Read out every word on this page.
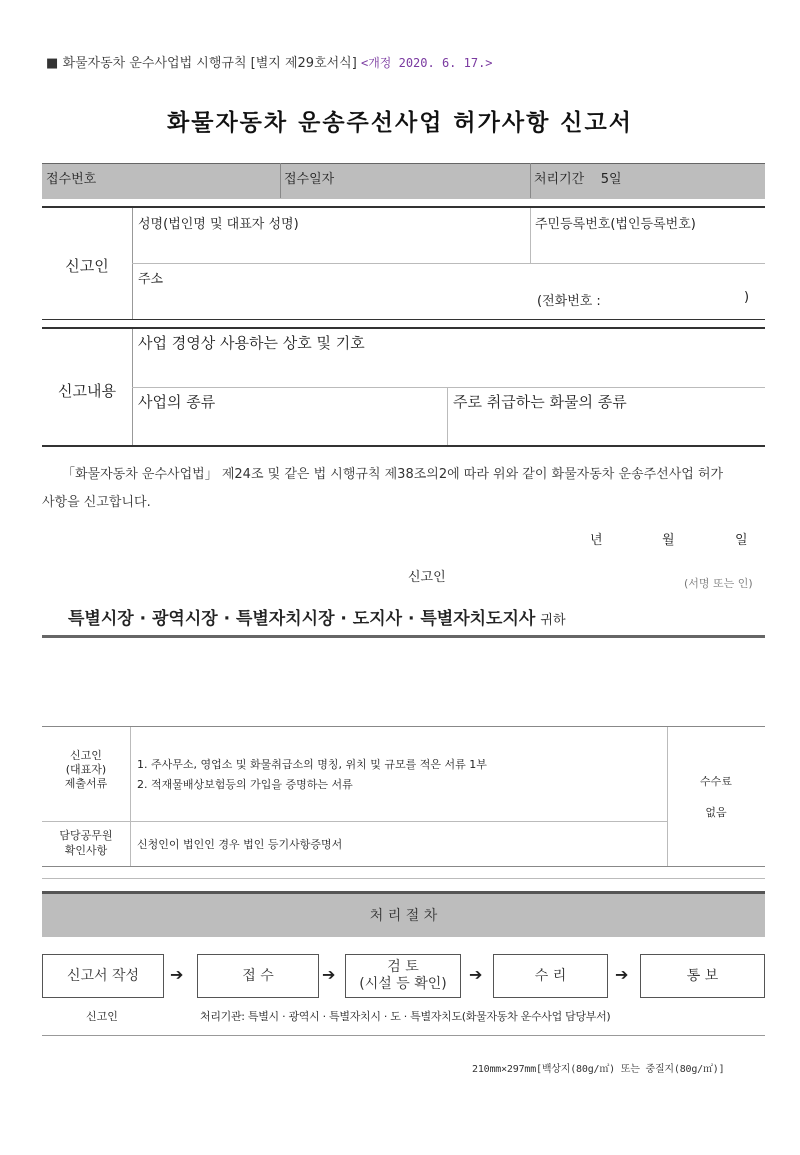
■ 화물자동차 운수사업법 시행규칙 [별지 제29호서식] <개정 2020. 6. 17.>
화물자동차 운송주선사업 허가사항 신고서
접수번호	접수일자	처리기간 5일
신고인
성명(법인명 및 대표자 성명)	주민등록번호(법인등록번호)
주소
(전화번호 :	)
신고내용
사업 경영상 사용하는 상호 및 기호
사업의 종류	주로 취급하는 화물의 종류
「화물자동차 운수사업법」 제24조 및 같은 법 시행규칙 제38조의2에 따라 위와 같이 화물자동차 운송주선사업 허가
사항을 신고합니다.
년	월	일
신고인	(서명 또는 인)
특별시장 · 광역시장 · 특별자치시장 · 도지사 · 특별자치도지사 귀하
신고인
(대표자)
제출서류
1. 주사무소, 영업소 및 화물취급소의 명칭, 위치 및 규모를 적은 서류 1부
2. 적재물배상보험등의 가입을 증명하는 서류
담당공무원
확인사항	신청인이 법인인 경우 법인 등기사항증명서
수수료
없음
처 리 절 차
신고서 작성	➔	접 수	➔	검 토
(시설 등 확인) ➔	수 리	➔	통 보
신고인	처리기관: 특별시 · 광역시 · 특별자치시 · 도 · 특별자치도(화물자동차 운수사업 담당부서)
210mm×297mm[백상지(80g/㎡) 또는 중질지(80g/㎡)]
